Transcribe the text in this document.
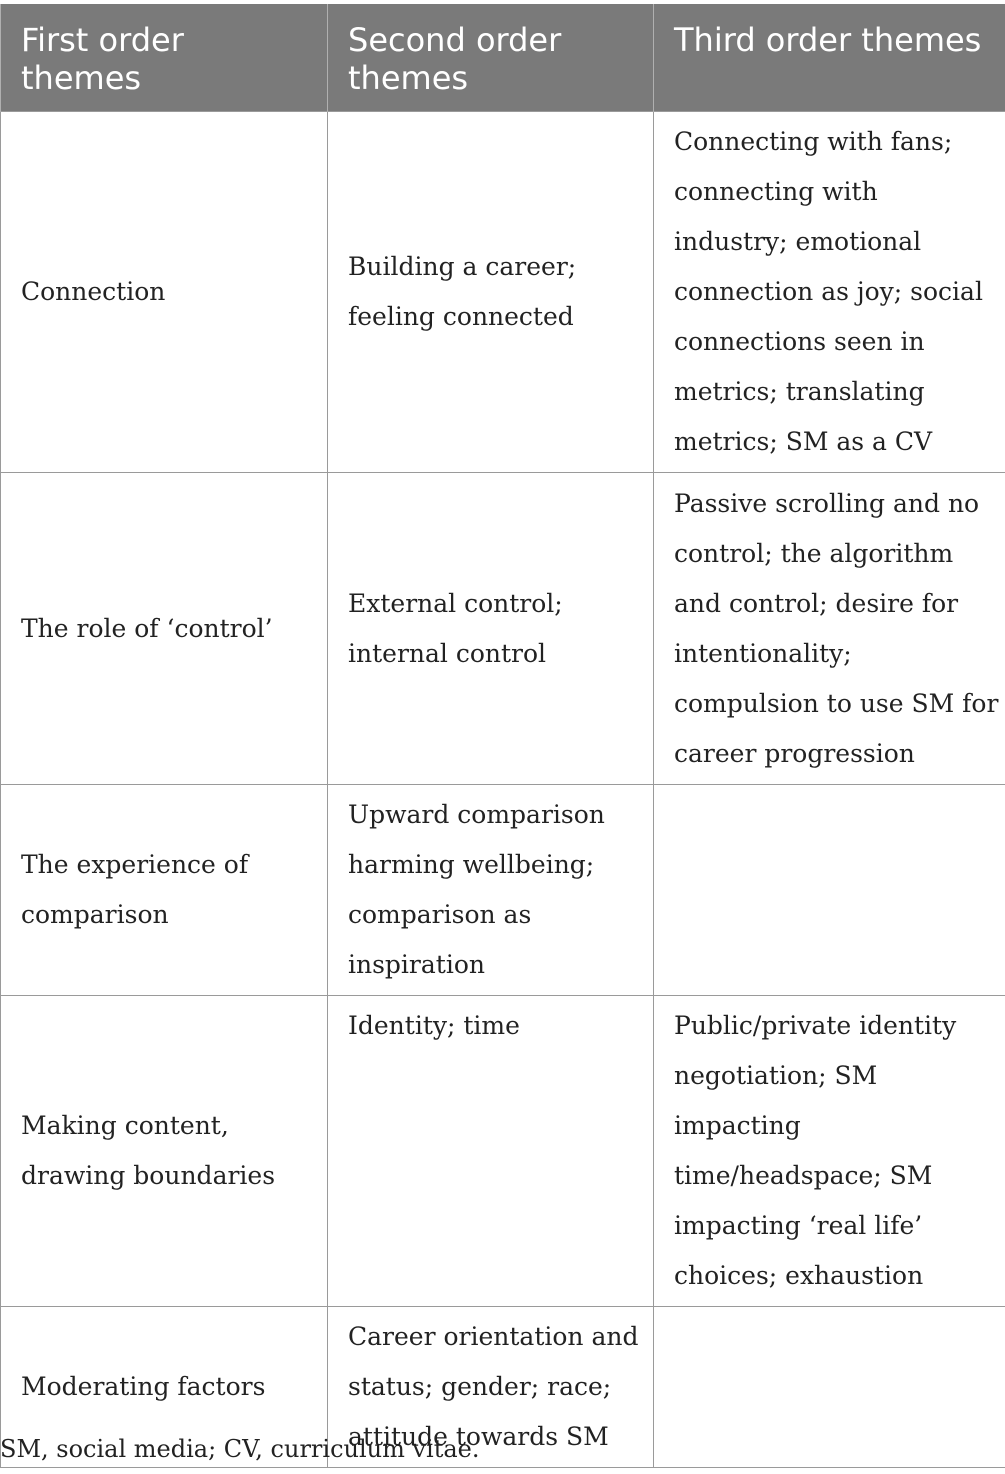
First order themes	Second order themes	Third order themes
Connection	Building a career; feeling connected	Connecting with fans; connecting with industry; emotional connection as joy; social connections seen in metrics; translating metrics; SM as a CV
The role of ‘control’	External control; internal control	Passive scrolling and no control; the algorithm and control; desire for intentionality; compulsion to use SM for career progression
The experience of comparison	Upward comparison harming wellbeing; comparison as inspiration	
Making content, drawing boundaries	Identity; time	Public/private identity negotiation; SM impacting time/headspace; SM impacting ‘real life’ choices; exhaustion
Moderating factors	Career orientation and status; gender; race; attitude towards SM	
SM, social media; CV, curriculum vitae.
